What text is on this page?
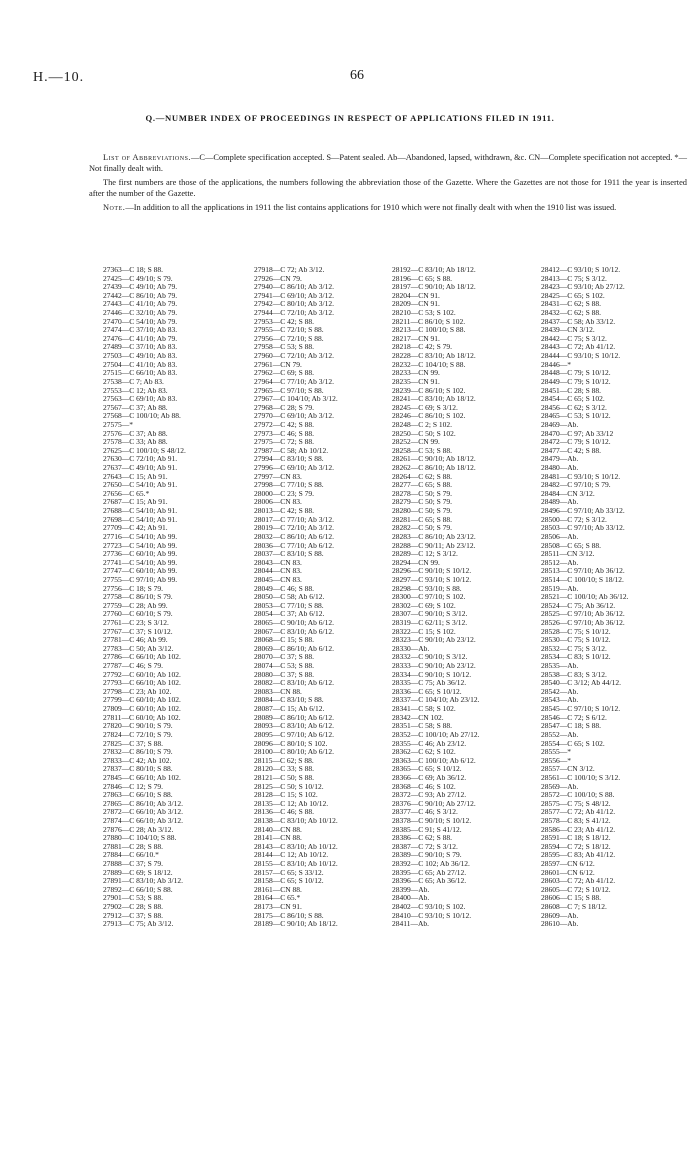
H.—10.	66
Q.—NUMBER INDEX OF PROCEEDINGS IN RESPECT OF APPLICATIONS FILED IN 1911.

List of Abbreviations.—C—Complete specification accepted. S—Patent sealed. Ab—Abandoned, lapsed, withdrawn, &c. CN—Complete specification not accepted. *—Not finally dealt with.

The first numbers are those of the applications, the numbers following the abbreviation those of the Gazette. Where the Gazettes are not those for 1911 the year is inserted after the number of the Gazette.

Note.—In addition to all the applications in 1911 the list contains applications for 1910 which were not finally dealt with when the 1910 list was issued.

27363—C 18; S 88.
27425—C 49/10; S 79.
27439—C 49/10; Ab 79.
27442—C 86/10; Ab 79.
27443—C 41/10; Ab 79.
27446—C 32/10; Ab 79.
27470—C 54/10; Ab 79.
27474—C 37/10; Ab 83.
27476—C 41/10; Ab 79.
27489—C 37/10; Ab 83.
27503—C 49/10; Ab 83.
27504—C 41/10; Ab 83.
27515—C 66/10; Ab 83.
27538—C 7; Ab 83.
27553—C 12; Ab 83.
27563—C 69/10; Ab 83.
27567—C 37; Ab 88.
27568—C 100/10; Ab 88.
27575—*
27576—C 37; Ab 88.
27578—C 33; Ab 88.
27625—C 100/10; S 48/12.
27630—C 72/10; Ab 91.
27637—C 49/10; Ab 91.
27643—C 15; Ab 91.
27650—C 54/10; Ab 91.
27656—C 65.*
27687—C 15; Ab 91.
27688—C 54/10; Ab 91.
27698—C 54/10; Ab 91.
27709—C 42; Ab 91.
27716—C 54/10; Ab 99.
27723—C 54/10; Ab 99.
27736—C 60/10; Ab 99.
27741—C 54/10; Ab 99.
27747—C 60/10; Ab 99.
27755—C 97/10; Ab 99.
27756—C 18; S 79.
27758—C 86/10; S 79.
27759—C 28; Ab 99.
27760—C 60/10; S 79.
27761—C 23; S 3/12.
27767—C 37; S 10/12.
27781—C 46; Ab 99.
27783—C 50; Ab 3/12.
27786—C 66/10; Ab 102.
27787—C 46; S 79.
27792—C 60/10; Ab 102.
27793—C 66/10; Ab 102.
27798—C 23; Ab 102.
27799—C 60/10; Ab 102.
27809—C 60/10; Ab 102.
27811—C 60/10; Ab 102.
27820—C 90/10; S 79.
27824—C 72/10; S 79.
27825—C 37; S 88.
27832—C 86/10; S 79.
27833—C 42; Ab 102.
27837—C 80/10; S 88.
27845—C 66/10; Ab 102.
27846—C 12; S 79.
27863—C 66/10; S 88.
27865—C 86/10; Ab 3/12.
27872—C 66/10; Ab 3/12.
27874—C 66/10; Ab 3/12.
27876—C 28; Ab 3/12.
27880—C 104/10; S 88.
27881—C 28; S 88.
27884—C 66/10.*
27888—C 37; S 79.
27889—C 69; S 18/12.
27891—C 83/10; Ab 3/12.
27892—C 66/10; S 88.
27901—C 53; S 88.
27902—C 28; S 88.
27912—C 37; S 88.
27913—C 75; Ab 3/12.
27918—C 72; Ab 3/12.
27926—CN 79.
27940—C 86/10; Ab 3/12.
27941—C 69/10; Ab 3/12.
27942—C 80/10; Ab 3/12.
27944—C 72/10; Ab 3/12.
27953—C 42; S 88.
27955—C 72/10; S 88.
27956—C 72/10; S 88.
27958—C 53; S 88.
27960—C 72/10; Ab 3/12.
27961—CN 79.
27962—C 69; S 88.
27964—C 77/10; Ab 3/12.
27965—C 97/10; S 88.
27967—C 104/10; Ab 3/12.
27968—C 28; S 79.
27970—C 69/10; Ab 3/12.
27972—C 42; S 88.
27973—C 46; S 88.
27975—C 72; S 88.
27987—C 58; Ab 10/12.
27994—C 83/10; S 88.
27996—C 69/10; Ab 3/12.
27997—CN 83.
27998—C 77/10; S 88.
28000—C 23; S 79.
28006—CN 83.
28013—C 42; S 88.
28017—C 77/10; Ab 3/12.
28019—C 72/10; Ab 3/12.
28032—C 86/10; Ab 6/12.
28036—C 77/10; Ab 6/12.
28037—C 83/10; S 88.
28043—CN 83.
28044—CN 83.
28045—CN 83.
28049—C 46; S 88.
28050—C 58; Ab 6/12.
28053—C 77/10; S 88.
28054—C 37; Ab 6/12.
28065—C 90/10; Ab 6/12.
28067—C 83/10; Ab 6/12.
28068—C 15; S 88.
28069—C 86/10; Ab 6/12.
28070—C 37; S 88.
28074—C 53; S 88.
28080—C 37; S 88.
28082—C 83/10; Ab 6/12.
28083—CN 88.
28084—C 83/10; S 88.
28087—C 15; Ab 6/12.
28089—C 86/10; Ab 6/12.
28093—C 83/10; Ab 6/12.
28095—C 97/10; Ab 6/12.
28096—C 80/10; S 102.
28100—C 80/10; Ab 6/12.
28115—C 62; S 88.
28120—C 33; S 88.
28121—C 50; S 88.
28125—C 50; S 10/12.
28128—C 15; S 102.
28135—C 12; Ab 10/12.
28136—C 46; S 88.
28138—C 83/10; Ab 10/12.
28140—CN 88.
28141—CN 88.
28143—C 83/10; Ab 10/12.
28144—C 12; Ab 10/12.
28155—C 83/10; Ab 10/12.
28157—C 65; S 33/12.
28158—C 65; S 10/12.
28161—CN 88.
28164—C 65.*
28173—CN 91.
28175—C 86/10; S 88.
28189—C 90/10; Ab 18/12.
28192—C 83/10; Ab 18/12.
28196—C 65; S 88.
28197—C 90/10; Ab 18/12.
28204—CN 91.
28209—CN 91.
28210—C 53; S 102.
28211—C 86/10; S 102.
28213—C 100/10; S 88.
28217—CN 91.
28218—C 42; S 79.
28228—C 83/10; Ab 18/12.
28232—C 104/10; S 88.
28233—CN 99.
28235—CN 91.
28239—C 86/10; S 102.
28241—C 83/10; Ab 18/12.
28245—C 69; S 3/12.
28246—C 86/10; S 102.
28248—C 2; S 102.
28250—C 50; S 102.
28252—CN 99.
28258—C 53; S 88.
28261—C 90/10; Ab 18/12.
28262—C 86/10; Ab 18/12.
28264—C 62; S 88.
28277—C 65; S 88.
28278—C 50; S 79.
28279—C 50; S 79.
28280—C 50; S 79.
28281—C 65; S 88.
28282—C 50; S 79.
28283—C 86/10; Ab 23/12.
28288—C 90/11; Ab 23/12.
28289—C 12; S 3/12.
28294—CN 99.
28296—C 90/10; S 10/12.
28297—C 93/10; S 10/12.
28298—C 93/10; S 88.
28300—C 97/10; S 102.
28302—C 69; S 102.
28307—C 90/10; S 3/12.
28319—C 62/11; S 3/12.
28322—C 15; S 102.
28323—C 90/10; Ab 23/12.
28330—Ab.
28332—C 90/10; S 3/12.
28333—C 90/10; Ab 23/12.
28334—C 90/10; S 10/12.
28335—C 75; Ab 36/12.
28336—C 65; S 10/12.
28337—C 104/10; Ab 23/12.
28341—C 58; S 102.
28342—CN 102.
28351—C 58; S 88.
28352—C 100/10; Ab 27/12.
28355—C 46; Ab 23/12.
28362—C 62; S 102.
28363—C 100/10; Ab 6/12.
28365—C 65; S 10/12.
28366—C 69; Ab 36/12.
28368—C 46; S 102.
28372—C 93; Ab 27/12.
28376—C 90/10; Ab 27/12.
28377—C 46; S 3/12.
28378—C 90/10; S 10/12.
28385—C 91; S 41/12.
28386—C 62; S 88.
28387—C 72; S 3/12.
28389—C 90/10; S 79.
28392—C 102; Ab 36/12.
28395—C 65; Ab 27/12.
28396—C 65; Ab 36/12.
28399—Ab.
28400—Ab.
28402—C 93/10; S 102.
28410—C 93/10; S 10/12.
28411—Ab.
28412—C 93/10; S 10/12.
28413—C 75; S 3/12.
28423—C 93/10; Ab 27/12.
28425—C 65; S 102.
28431—C 62; S 88.
28432—C 62; S 88.
28437—C 58; Ab 33/12.
28439—CN 3/12.
28442—C 75; S 3/12.
28443—C 72; Ab 41/12.
28444—C 93/10; S 10/12.
28446—*
28448—C 79; S 10/12.
28449—C 79; S 10/12.
28451—C 28; S 88.
28454—C 65; S 102.
28456—C 62; S 3/12.
28465—C 53; S 10/12.
28469—Ab.
28470—C 97; Ab 33/12
28472—C 79; S 10/12.
28477—C 42; S 88.
28479—Ab.
28480—Ab.
28481—C 93/10; S 10/12.
28482—C 97/10; S 79.
28484—CN 3/12.
28489—Ab.
28496—C 97/10; Ab 33/12.
28500—C 72; S 3/12.
28503—C 97/10; Ab 33/12.
28506—Ab.
28508—C 65; S 88.
28511—CN 3/12.
28512—Ab.
28513—C 97/10; Ab 36/12.
28514—C 100/10; S 18/12.
28519—Ab.
28521—C 100/10; Ab 36/12.
28524—C 75; Ab 36/12.
28525—C 97/10; Ab 36/12.
28526—C 97/10; Ab 36/12.
28528—C 75; S 10/12.
28530—C 75; S 10/12.
28532—C 75; S 3/12.
28534—C 83; S 10/12.
28535—Ab.
28538—C 83; S 3/12.
28540—C 3/12; Ab 44/12.
28542—Ab.
28543—Ab.
28545—C 97/10; S 10/12.
28546—C 72; S 6/12.
28547—C 18; S 88.
28552—Ab.
28554—C 65; S 102.
28555—*
28556—*
28557—CN 3/12.
28561—C 100/10; S 3/12.
28569—Ab.
28572—C 100/10; S 88.
28575—C 75; S 48/12.
28577—C 72; Ab 41/12.
28578—C 83; S 41/12.
28586—C 23; Ab 41/12.
28591—C 18; S 18/12.
28594—C 72; S 18/12.
28595—C 83; Ab 41/12.
28597—CN 6/12.
28601—CN 6/12.
28603—C 72; Ab 41/12.
28605—C 72; S 10/12.
28606—C 15; S 88.
28608—C 7; S 18/12.
28609—Ab.
28610—Ab.
